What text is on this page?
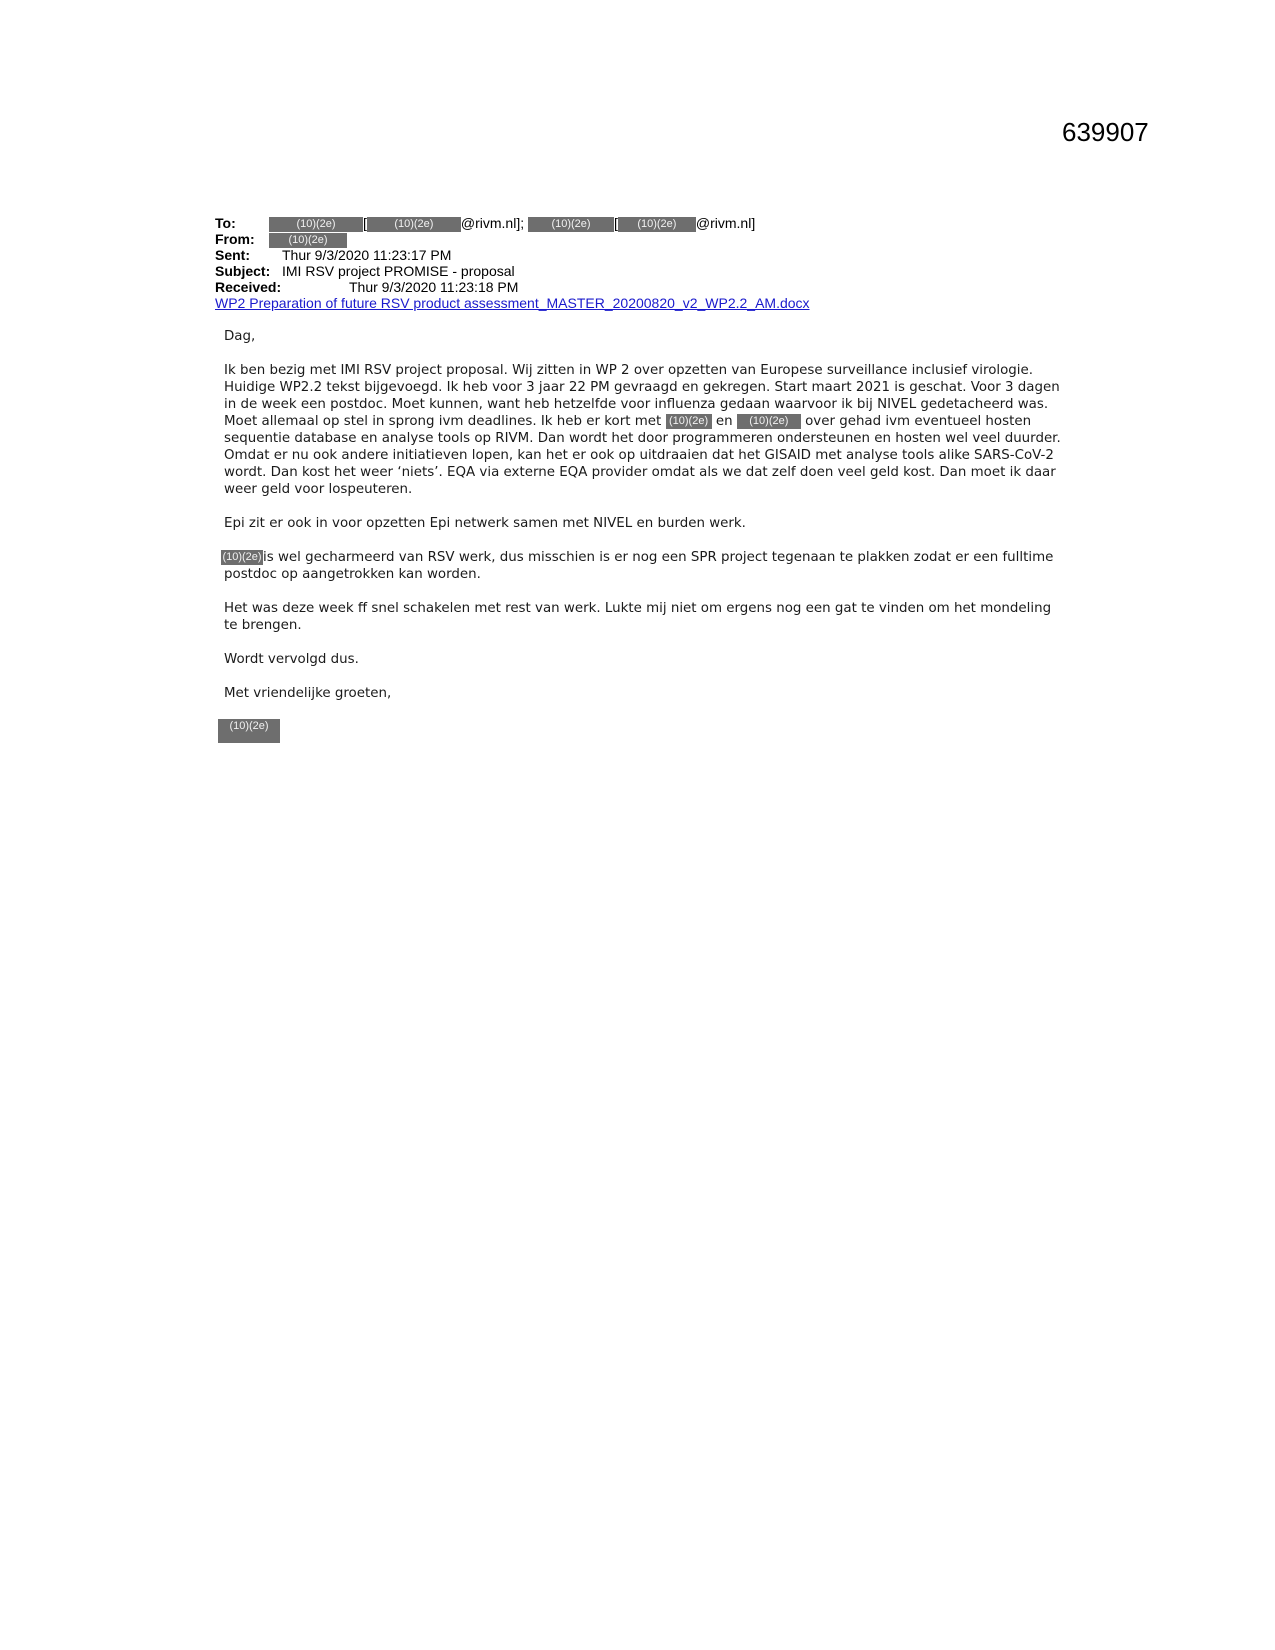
639907
To:	(10)(2e) [ (10)(2e) @rivm.nl]; (10)(2e) [ (10)(2e) @rivm.nl]
From:	(10)(2e)
Sent: Thur 9/3/2020 11:23:17 PM
Subject: IMI RSV project PROMISE - proposal
Received:	Thur 9/3/2020 11:23:18 PM
WP2 Preparation of future RSV product assessment_MASTER_20200820_v2_WP2.2_AM.docx

Dag,

Ik ben bezig met IMI RSV project proposal. Wij zitten in WP 2 over opzetten van Europese surveillance inclusief virologie. Huidige WP2.2 tekst bijgevoegd. Ik heb voor 3 jaar 22 PM gevraagd en gekregen. Start maart 2021 is geschat. Voor 3 dagen in de week een postdoc. Moet kunnen, want heb hetzelfde voor influenza gedaan waarvoor ik bij NIVEL gedetacheerd was. Moet allemaal op stel in sprong ivm deadlines. Ik heb er kort met (10)(2e) en (10)(2e) over gehad ivm eventueel hosten sequentie database en analyse tools op RIVM. Dan wordt het door programmeren ondersteunen en hosten wel veel duurder. Omdat er nu ook andere initiatieven lopen, kan het er ook op uitdraaien dat het GISAID met analyse tools alike SARS-CoV-2 wordt. Dan kost het weer ‘niets’. EQA via externe EQA provider omdat als we dat zelf doen veel geld kost. Dan moet ik daar weer geld voor lospeuteren.

Epi zit er ook in voor opzetten Epi netwerk samen met NIVEL en burden werk.

(10)(2e)is wel gecharmeerd van RSV werk, dus misschien is er nog een SPR project tegenaan te plakken zodat er een fulltime postdoc op aangetrokken kan worden.

Het was deze week ff snel schakelen met rest van werk. Lukte mij niet om ergens nog een gat te vinden om het mondeling te brengen.

Wordt vervolgd dus.

Met vriendelijke groeten,

(10)(2e)
